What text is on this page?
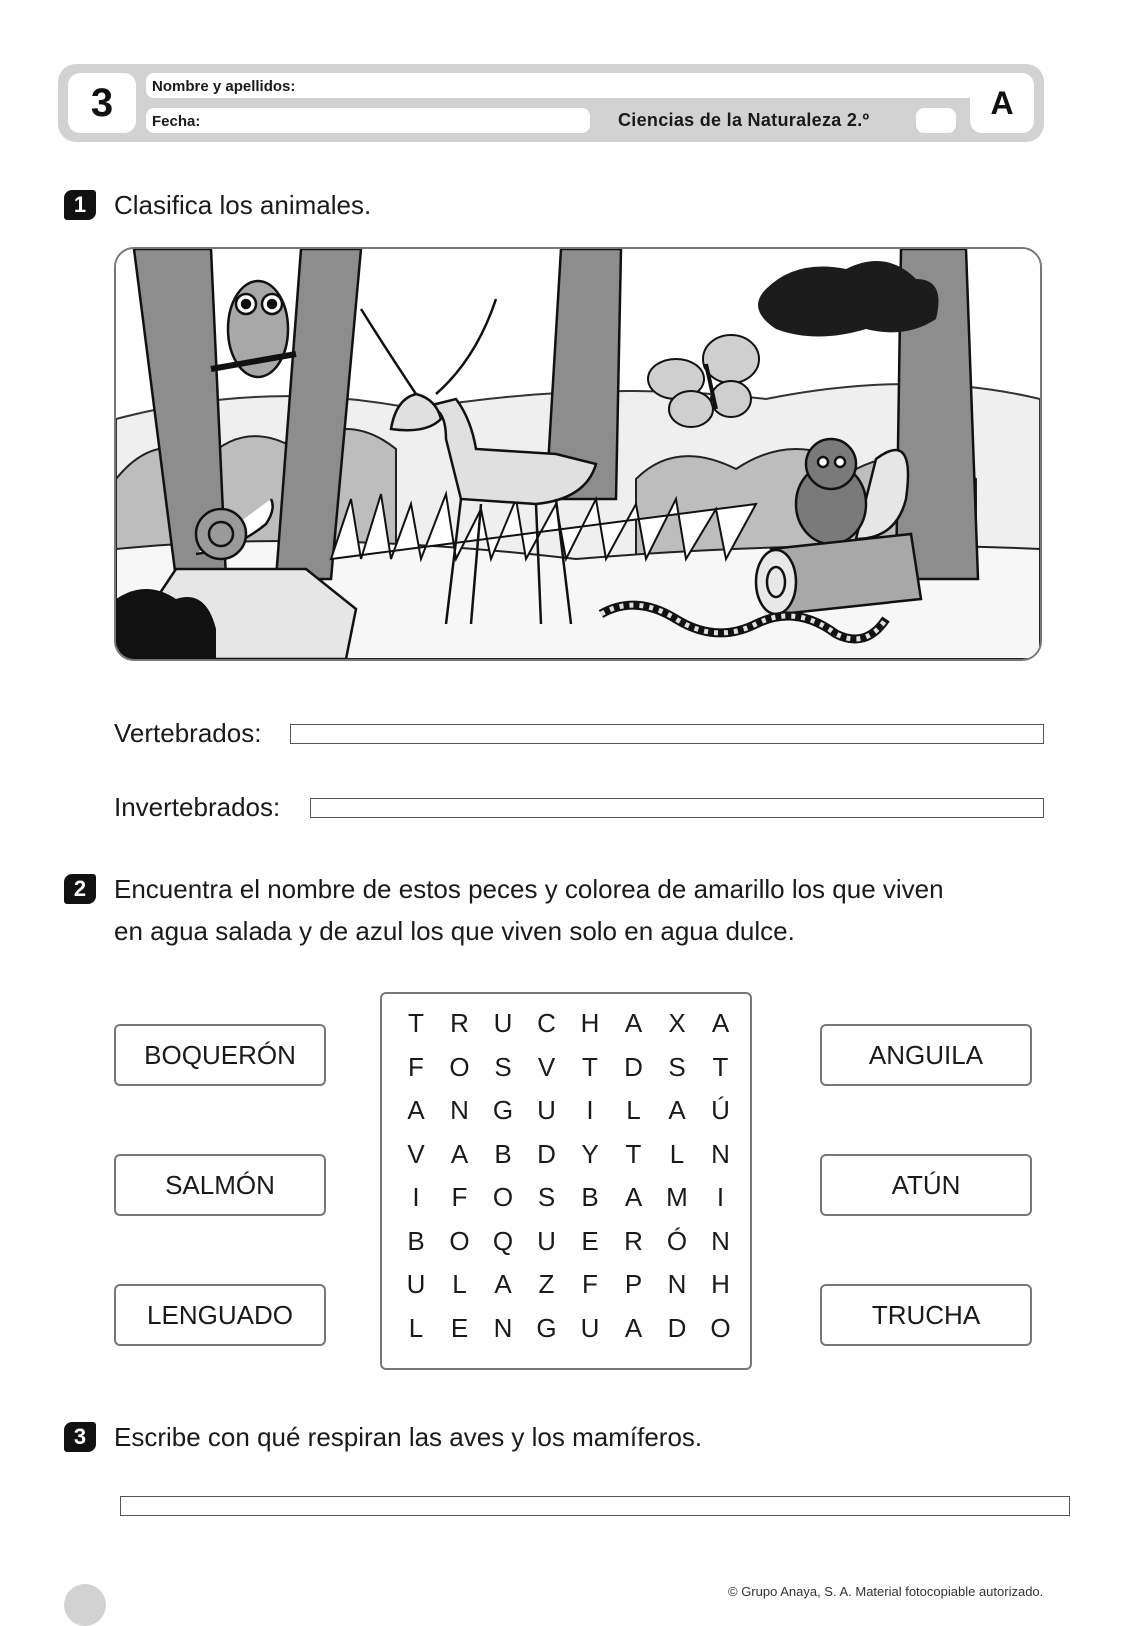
3	Nombre y apellidos:
Fecha:	Ciencias de la Naturaleza 2.º	A
1	Clasifica los animales.
Vertebrados:
Invertebrados:
2	Encuentra el nombre de estos peces y colorea de amarillo los que viven
en agua salada y de azul los que viven solo en agua dulce.
BOQUERÓN
SALMÓN
LENGUADO
ANGUILA
ATÚN
TRUCHA
T	R U C H A	X	A
F O S	V	T	D S	T
A N G U	I	L	A Ú
V	A	B D Y	T	L	N
I	F O S	B	A M	I
B O Q U E R Ó N
U	L	A	Z	F	P N H
L	E N G U A D O
3	Escribe con qué respiran las aves y los mamíferos.
© Grupo Anaya, S. A. Material fotocopiable autorizado.
